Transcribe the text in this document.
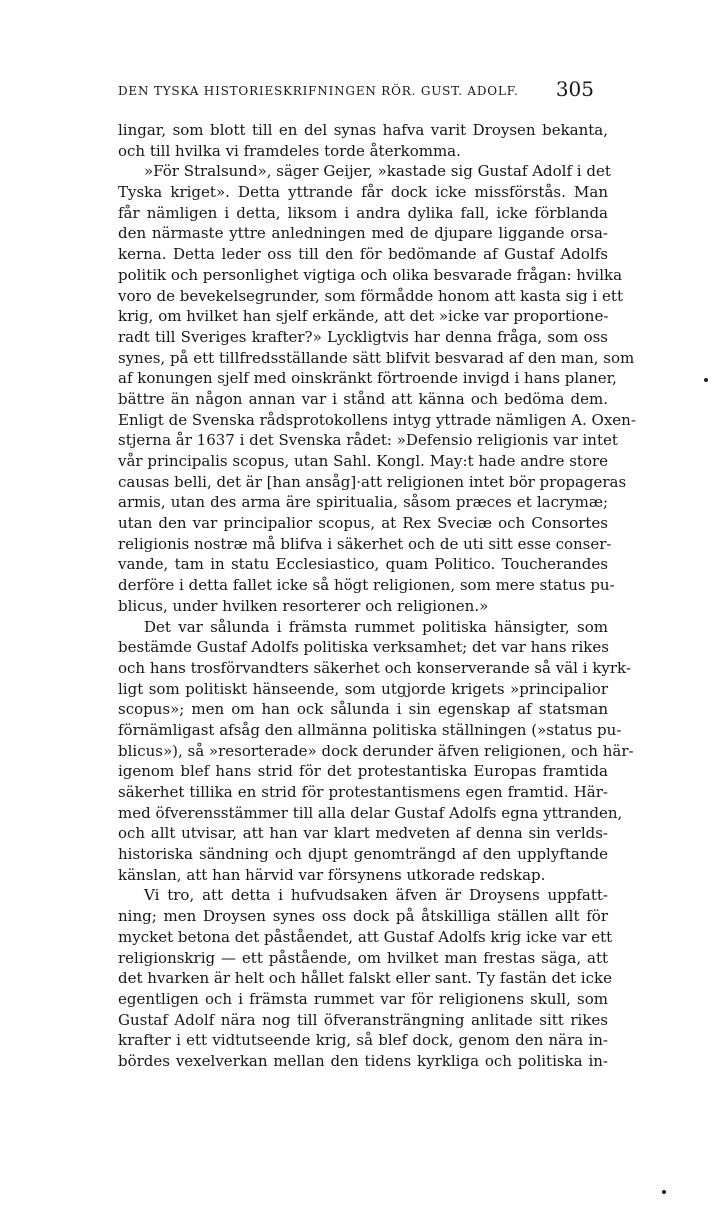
DEN TYSKA HISTORIESKRIFNINGEN RÖR. GUST. ADOLF. 305
lingar, som blott till en del synas hafva varit Droysen bekanta,
och till hvilka vi framdeles torde återkomma.
»För Stralsund», säger Geijer, »kastade sig Gustaf Adolf i det
Tyska kriget». Detta yttrande får dock icke missförstås. Man
får nämligen i detta, liksom i andra dylika fall, icke förblanda
den närmaste yttre anledningen med de djupare liggande orsa-
kerna. Detta leder oss till den för bedömande af Gustaf Adolfs
politik och personlighet vigtiga och olika besvarade frågan: hvilka
voro de bevekelsegrunder, som förmådde honom att kasta sig i ett
krig, om hvilket han sjelf erkände, att det »icke var proportione-
radt till Sveriges krafter?» Lyckligtvis har denna fråga, som oss
synes, på ett tillfredsställande sätt blifvit besvarad af den man, som
af konungen sjelf med oinskränkt förtroende invigd i hans planer,
bättre än någon annan var i stånd att känna och bedöma dem.
Enligt de Svenska rådsprotokollens intyg yttrade nämligen A. Oxen-
stjerna år 1637 i det Svenska rådet: »Defensio religionis var intet
vår principalis scopus, utan Sahl. Kongl. May:t hade andre store
causas belli, det är [han ansåg]·att religionen intet bör propageras
armis, utan des arma äre spiritualia, såsom præces et lacrymæ;
utan den var principalior scopus, at Rex Sveciæ och Consortes
religionis nostræ må blifva i säkerhet och de uti sitt esse conser-
vande, tam in statu Ecclesiastico, quam Politico. Toucherandes
derföre i detta fallet icke så högt religionen, som mere status pu-
blicus, under hvilken resorterer och religionen.»
Det var sålunda i främsta rummet politiska hänsigter, som
bestämde Gustaf Adolfs politiska verksamhet; det var hans rikes
och hans trosförvandters säkerhet och konserverande så väl i kyrk-
ligt som politiskt hänseende, som utgjorde krigets »principalior
scopus»; men om han ock sålunda i sin egenskap af statsman
förnämligast afsåg den allmänna politiska ställningen (»status pu-
blicus»), så »resorterade» dock derunder äfven religionen, och här-
igenom blef hans strid för det protestantiska Europas framtida
säkerhet tillika en strid för protestantismens egen framtid. Här-
med öfverensstämmer till alla delar Gustaf Adolfs egna yttranden,
och allt utvisar, att han var klart medveten af denna sin verlds-
historiska sändning och djupt genomträngd af den upplyftande
känslan, att han härvid var försynens utkorade redskap.
Vi tro, att detta i hufvudsaken äfven är Droysens uppfatt-
ning; men Droysen synes oss dock på åtskilliga ställen allt för
mycket betona det påståendet, att Gustaf Adolfs krig icke var ett
religionskrig — ett påstående, om hvilket man frestas säga, att
det hvarken är helt och hållet falskt eller sant. Ty fastän det icke
egentligen och i främsta rummet var för religionens skull, som
Gustaf Adolf nära nog till öfveransträngning anlitade sitt rikes
krafter i ett vidtutseende krig, så blef dock, genom den nära in-
bördes vexelverkan mellan den tidens kyrkliga och politiska in-
